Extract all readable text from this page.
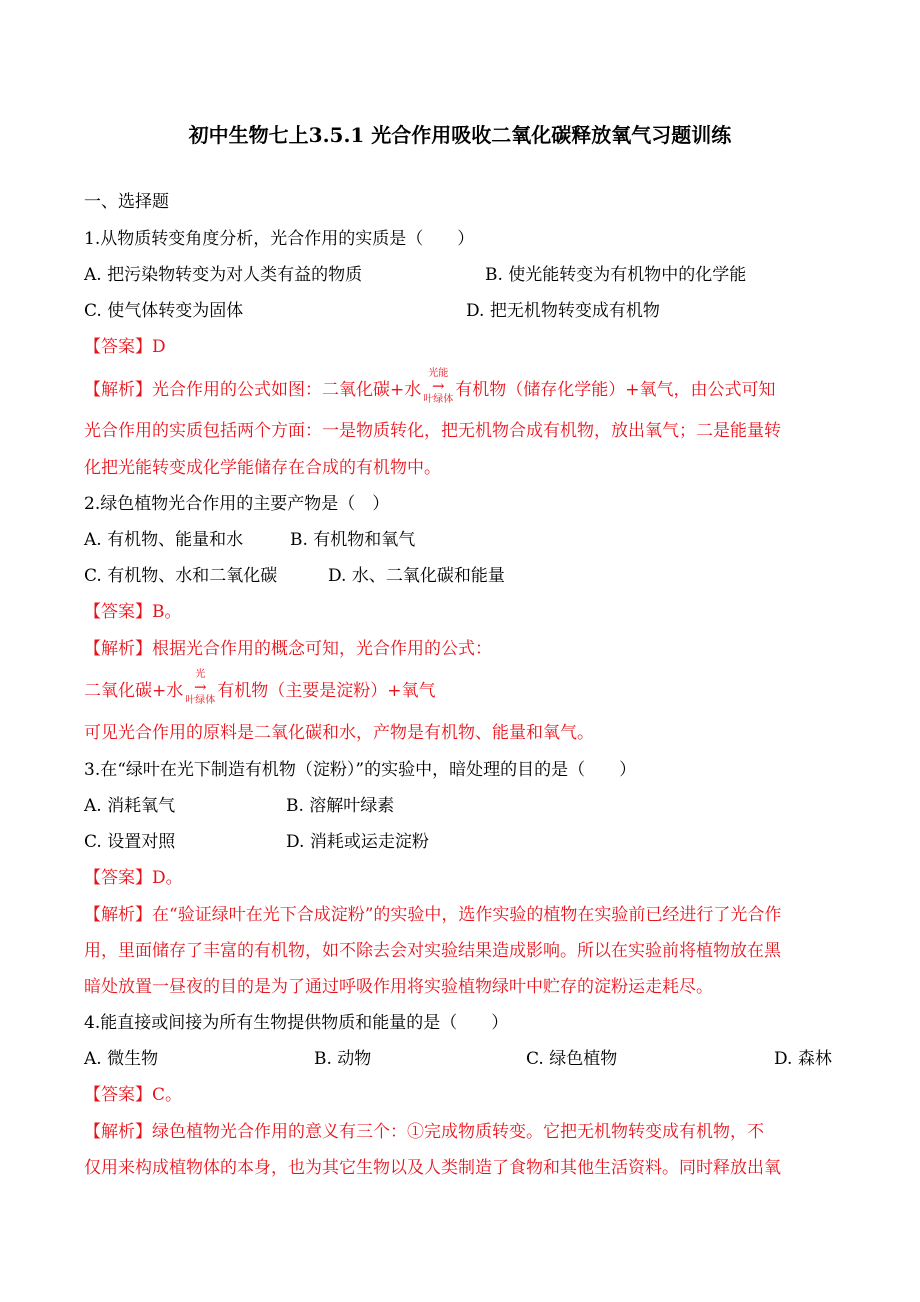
初中生物七上3.5.1 光合作用吸收二氧化碳释放氧气习题训练
一、选择题
1.从物质转变角度分析，光合作用的实质是（　　）
A. 把污染物转变为对人类有益的物质	B. 使光能转变为有机物中的化学能
C. 使气体转变为固体	D. 把无机物转变成有机物
【答案】D
【解析】光合作用的公式如图：二氧化碳+水
光能
→
叶绿体 有机物（储存化学能）+氧气，由公式可知
光合作用的实质包括两个方面：一是物质转化，把无机物合成有机物，放出氧气；二是能量转
化把光能转变成化学能储存在合成的有机物中。
2.绿色植物光合作用的主要产物是（　）
A. 有机物、能量和水	B. 有机物和氧气
C. 有机物、水和二氧化碳	D. 水、二氧化碳和能量
【答案】B。
【解析】根据光合作用的概念可知，光合作用的公式：
二氧化碳+水
光
→
叶绿体 有机物（主要是淀粉）+氧气
可见光合作用的原料是二氧化碳和水，产物是有机物、能量和氧气。
3.在“绿叶在光下制造有机物（淀粉）”的实验中，暗处理的目的是（　　）
A. 消耗氧气	B. 溶解叶绿素
C. 设置对照	D. 消耗或运走淀粉
【答案】D。
【解析】在“验证绿叶在光下合成淀粉”的实验中，选作实验的植物在实验前已经进行了光合作
用，里面储存了丰富的有机物，如不除去会对实验结果造成影响。所以在实验前将植物放在黑
暗处放置一昼夜的目的是为了通过呼吸作用将实验植物绿叶中贮存的淀粉运走耗尽。
4.能直接或间接为所有生物提供物质和能量的是（　　）
A. 微生物	B. 动物	C. 绿色植物	D. 森林
【答案】C。
【解析】绿色植物光合作用的意义有三个：①完成物质转变。它把无机物转变成有机物，不
仅用来构成植物体的本身，也为其它生物以及人类制造了食物和其他生活资料。同时释放出氧
